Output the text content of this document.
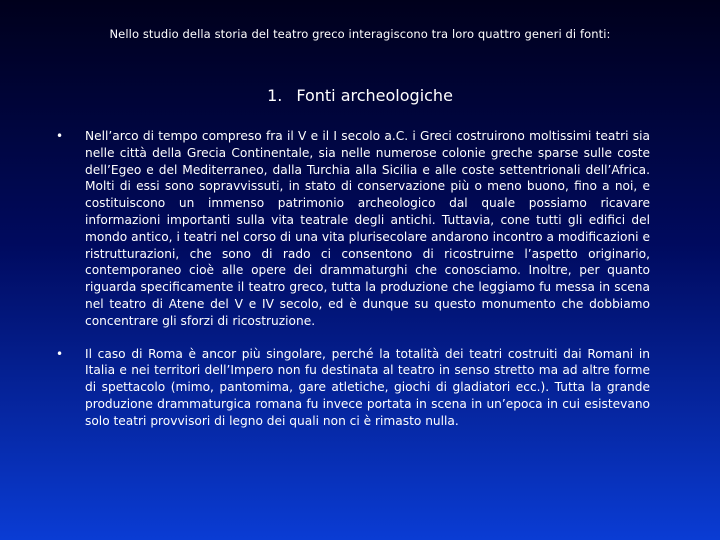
Nello studio della storia del teatro greco interagiscono tra loro quattro generi di fonti:
1. Fonti archeologiche
• Nell’arco di tempo compreso fra il V e il I secolo a.C. i Greci costruirono moltissimi teatri sia nelle città della Grecia Continentale, sia nelle numerose colonie greche sparse sulle coste dell’Egeo e del Mediterraneo, dalla Turchia alla Sicilia e alle coste settentrionali dell’Africa. Molti di essi sono sopravvissuti, in stato di conservazione più o meno buono, fino a noi, e costituiscono un immenso patrimonio archeologico dal quale possiamo ricavare informazioni importanti sulla vita teatrale degli antichi. Tuttavia, cone tutti gli edifici del mondo antico, i teatri nel corso di una vita plurisecolare andarono incontro a modificazioni e ristrutturazioni, che sono di rado ci consentono di ricostruirne l’aspetto originario, contemporaneo cioè alle opere dei drammaturghi che conosciamo. Inoltre, per quanto riguarda specificamente il teatro greco, tutta la produzione che leggiamo fu messa in scena nel teatro di Atene del V e IV secolo, ed è dunque su questo monumento che dobbiamo concentrare gli sforzi di ricostruzione.

• Il caso di Roma è ancor più singolare, perché la totalità dei teatri costruiti dai Romani in Italia e nei territori dell’Impero non fu destinata al teatro in senso stretto ma ad altre forme di spettacolo (mimo, pantomima, gare atletiche, giochi di gladiatori ecc.). Tutta la grande produzione drammaturgica romana fu invece portata in scena in un’epoca in cui esistevano solo teatri provvisori di legno dei quali non ci è rimasto nulla.
